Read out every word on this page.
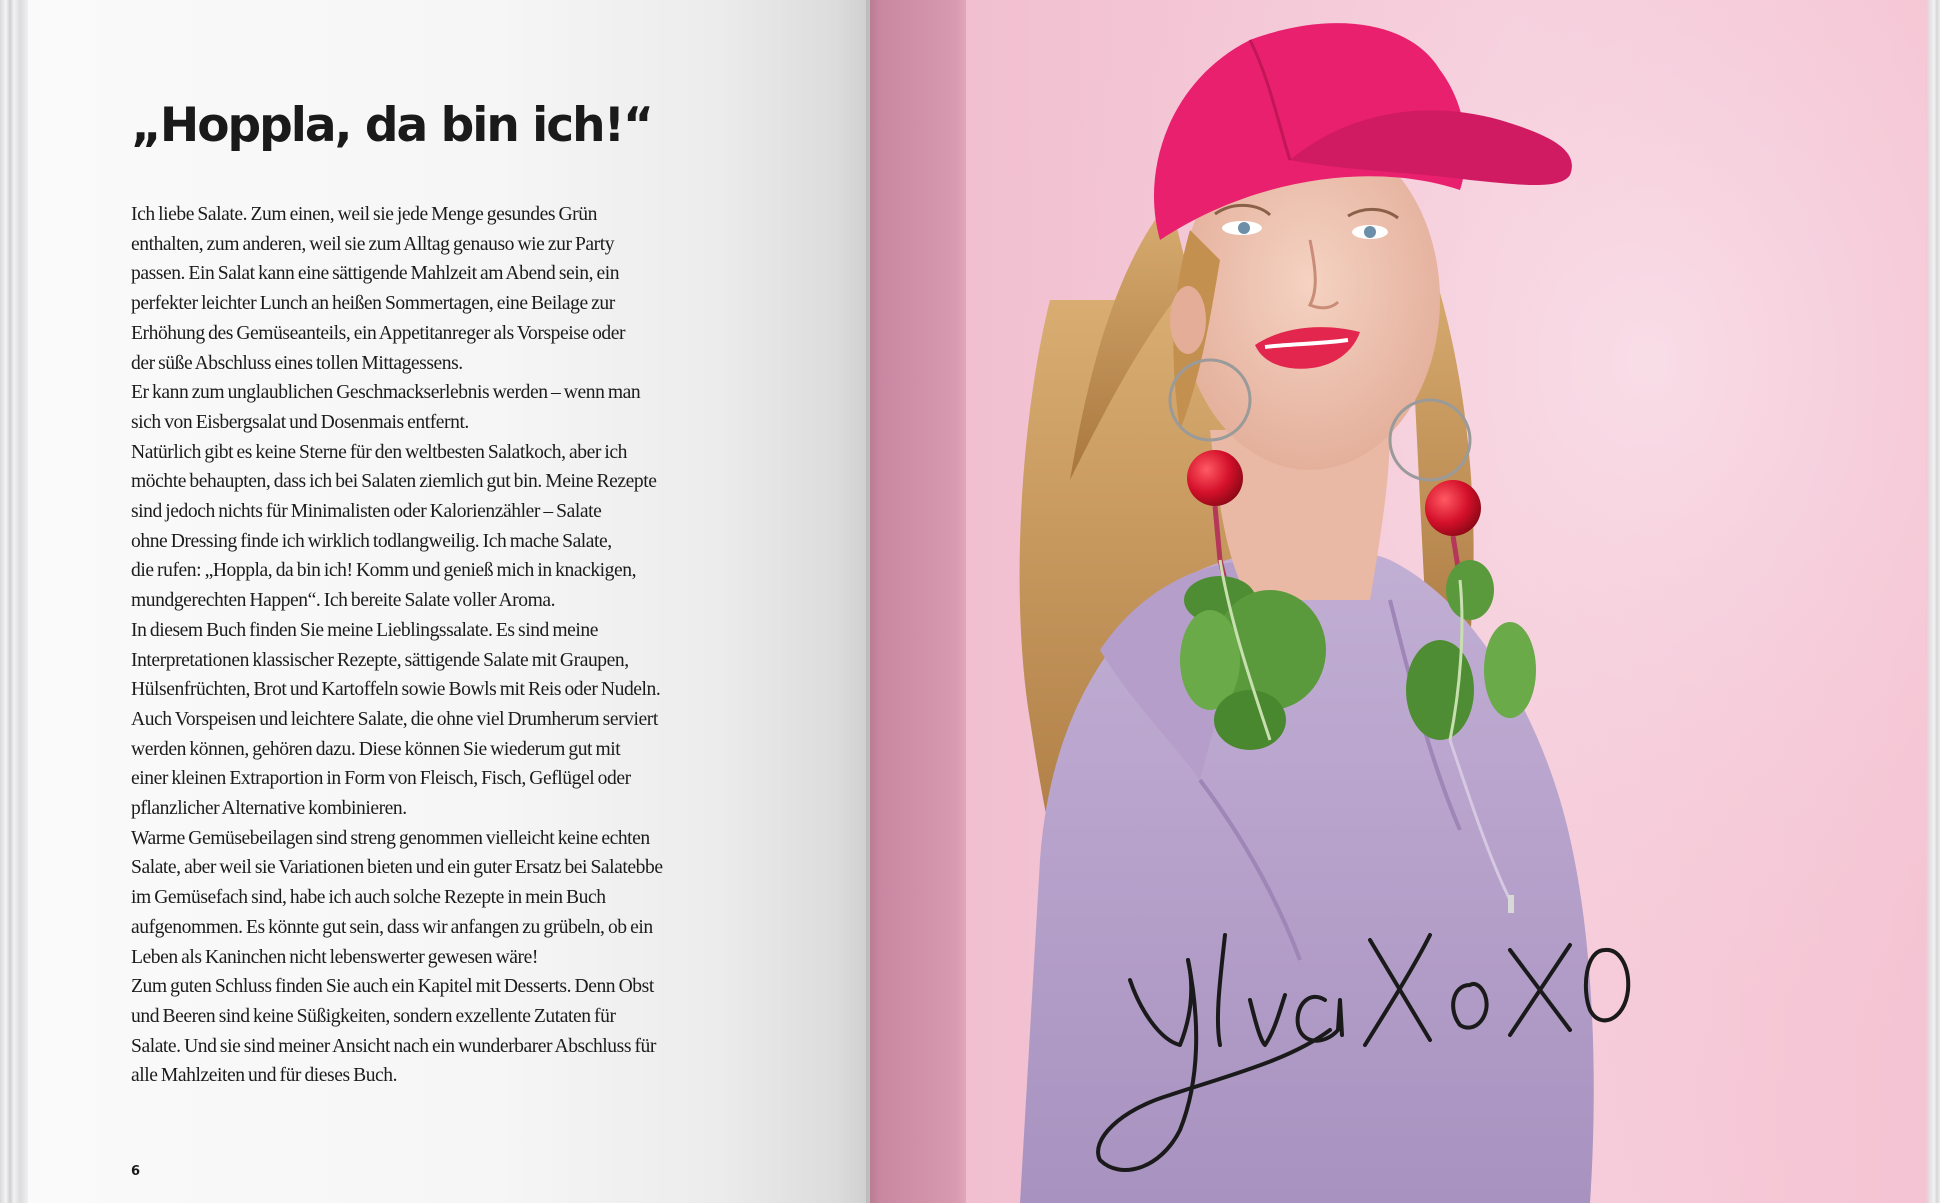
„Hoppla, da bin ich!“
Ich liebe Salate. Zum einen, weil sie jede Menge gesundes Grün
enthalten, zum anderen, weil sie zum Alltag genauso wie zur Party
passen. Ein Salat kann eine sättigende Mahlzeit am Abend sein, ein
perfekter leichter Lunch an heißen Sommertagen, eine Beilage zur
Erhöhung des Gemüseanteils, ein Appetitanreger als Vorspeise oder
der süße Abschluss eines tollen Mittagessens.
Er kann zum unglaublichen Geschmackserlebnis werden – wenn man
sich von Eisbergsalat und Dosenmais entfernt.
Natürlich gibt es keine Sterne für den weltbesten Salatkoch, aber ich
möchte behaupten, dass ich bei Salaten ziemlich gut bin. Meine Rezepte
sind jedoch nichts für Minimalisten oder Kalorienzähler – Salate
ohne Dressing finde ich wirklich todlangweilig. Ich mache Salate,
die rufen: „Hoppla, da bin ich! Komm und genieß mich in knackigen,
mundgerechten Happen“. Ich bereite Salate voller Aroma.
In diesem Buch finden Sie meine Lieblingssalate. Es sind meine
Interpretationen klassischer Rezepte, sättigende Salate mit Graupen,
Hülsenfrüchten, Brot und Kartoffeln sowie Bowls mit Reis oder Nudeln.
Auch Vorspeisen und leichtere Salate, die ohne viel Drumherum serviert
werden können, gehören dazu. Diese können Sie wiederum gut mit
einer kleinen Extraportion in Form von Fleisch, Fisch, Geflügel oder
pflanzlicher Alternative kombinieren.
Warme Gemüsebeilagen sind streng genommen vielleicht keine echten
Salate, aber weil sie Variationen bieten und ein guter Ersatz bei Salatebbe
im Gemüsefach sind, habe ich auch solche Rezepte in mein Buch
aufgenommen. Es könnte gut sein, dass wir anfangen zu grübeln, ob ein
Leben als Kaninchen nicht lebenswerter gewesen wäre!
Zum guten Schluss finden Sie auch ein Kapitel mit Desserts. Denn Obst
und Beeren sind keine Süßigkeiten, sondern exzellente Zutaten für
Salate. Und sie sind meiner Ansicht nach ein wunderbarer Abschluss für
alle Mahlzeiten und für dieses Buch.
6
